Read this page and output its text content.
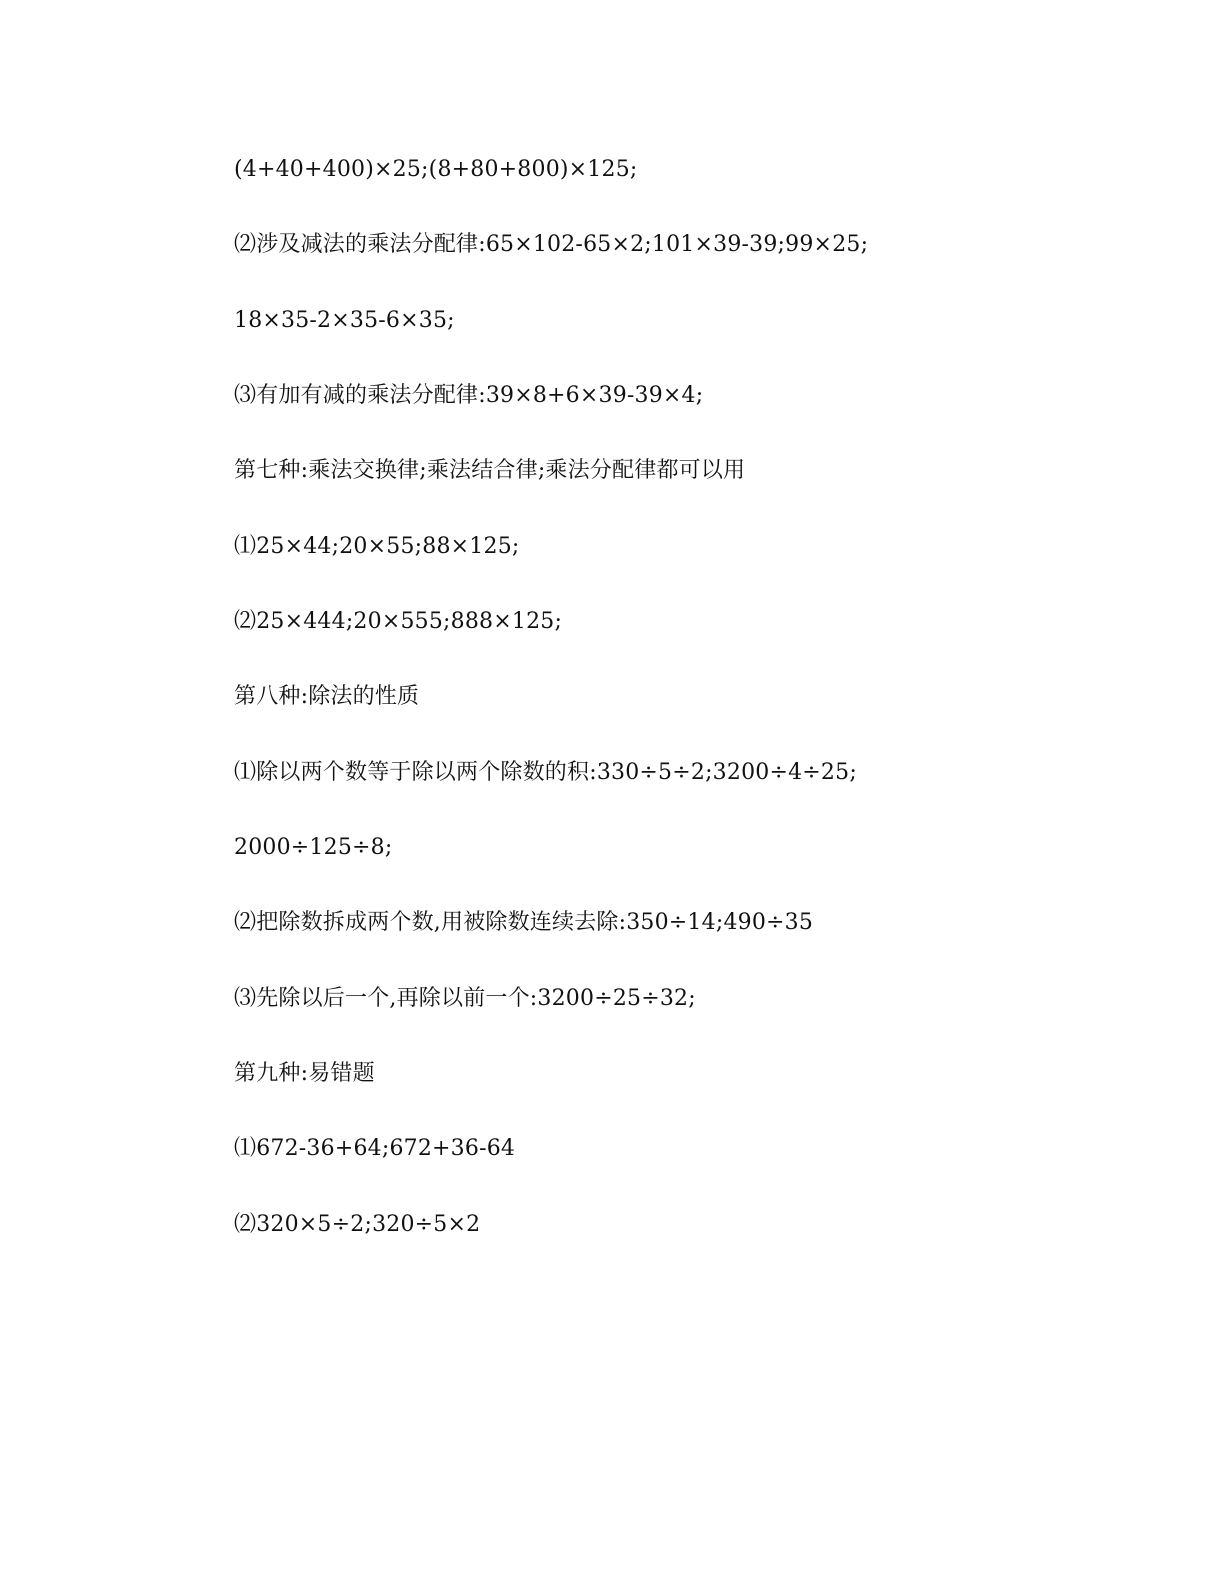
(4+40+400)×25;(8+80+800)×125;
⑵涉及减法的乘法分配律:65×102-65×2;101×39-39;99×25;
18×35-2×35-6×35;
⑶有加有减的乘法分配律:39×8+6×39-39×4;
第七种:乘法交换律;乘法结合律;乘法分配律都可以用
⑴25×44;20×55;88×125;
⑵25×444;20×555;888×125;
第八种:除法的性质
⑴除以两个数等于除以两个除数的积:330÷5÷2;3200÷4÷25;
2000÷125÷8;
⑵把除数拆成两个数,用被除数连续去除:350÷14;490÷35
⑶先除以后一个,再除以前一个:3200÷25÷32;
第九种:易错题
⑴672-36+64;672+36-64
⑵320×5÷2;320÷5×2
